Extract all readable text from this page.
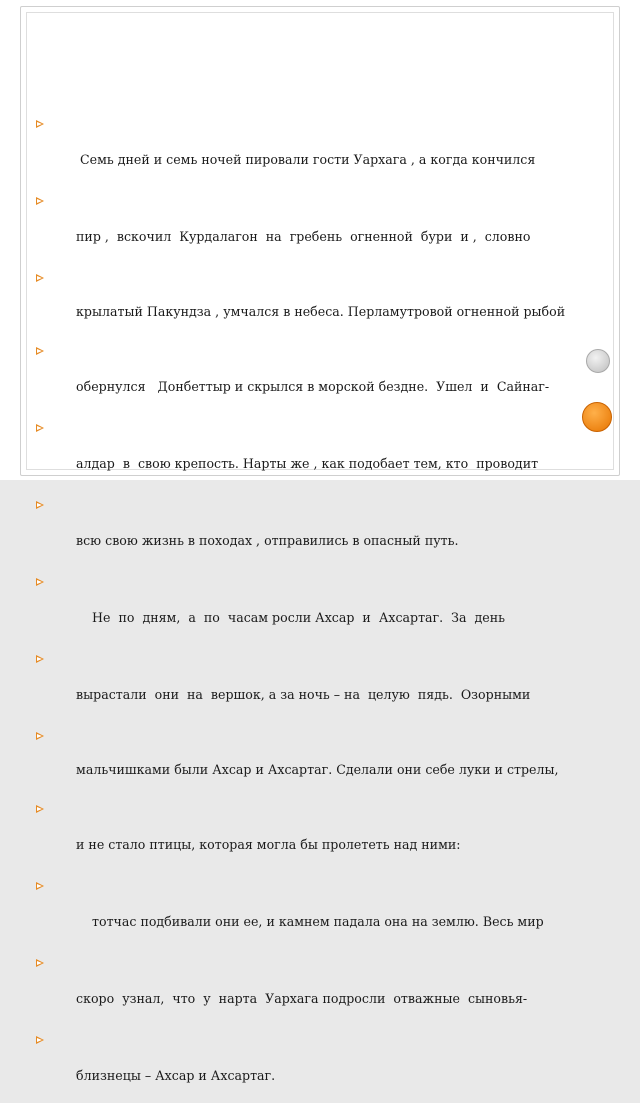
Семь дней и семь ночей пировали гости Уархага , а когда кончился

пир ,  вскочил  Курдалагон  на  гребень  огненной  бури  и ,  словно

крылатый Пакундза , умчался в небеса. Перламутровой огненной рыбой

обернулся   Донбеттыр и скрылся в морской бездне.  Ушел  и  Сайнаг-

алдар  в  свою крепость. Нарты же , как подобает тем, кто  проводит

всю свою жизнь в походах , отправились в опасный путь.

Не  по  дням,  а  по  часам росли Ахсар  и  Ахсартаг.  За  день

вырастали  они  на  вершок, а за ночь – на  целую  пядь.  Озорными

мальчишками были Ахсар и Ахсартаг. Сделали они себе луки и стрелы,

и не стало птицы, которая могла бы пролететь над ними:

тотчас подбивали они ее, и камнем падала она на землю. Весь мир

скоро  узнал,  что  у  нарта  Уархага подросли  отважные  сыновья-

близнецы – Ахсар и Ахсартаг.
